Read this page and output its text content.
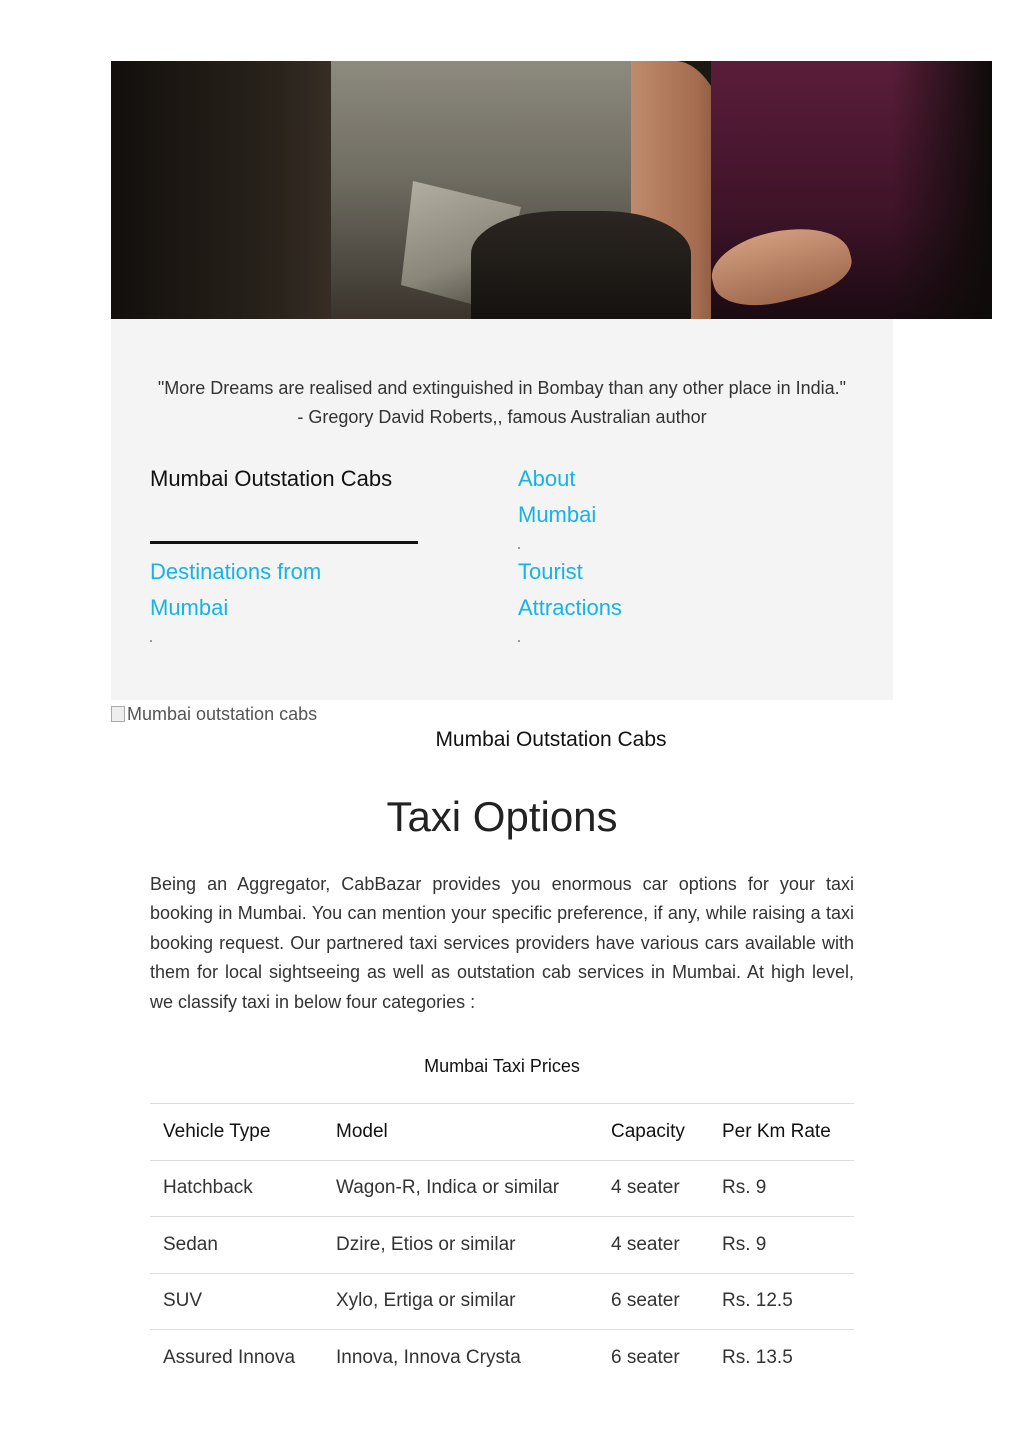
"More Dreams are realised and extinguished in Bombay than any other place in India."
- Gregory David Roberts,, famous Australian author
Mumbai Outstation Cabs	About Mumbai
Destinations from Mumbai
Tourist Attractions
Mumbai outstation cabs
Mumbai Outstation Cabs
Taxi Options

Being an Aggregator, CabBazar provides you enormous car options for your taxi booking in Mumbai. You can mention your specific preference, if any, while raising a taxi booking request. Our partnered taxi services providers have various cars available with them for local sightseeing as well as outstation cab services in Mumbai. At high level, we classify taxi in below four categories :

Mumbai Taxi Prices
Vehicle Type	Model	Capacity	Per Km Rate
Hatchback	Wagon-R, Indica or similar	4 seater	Rs. 9
Sedan	Dzire, Etios or similar	4 seater	Rs. 9
SUV	Xylo, Ertiga or similar	6 seater	Rs. 12.5
Assured Innova	Innova, Innova Crysta	6 seater	Rs. 13.5
